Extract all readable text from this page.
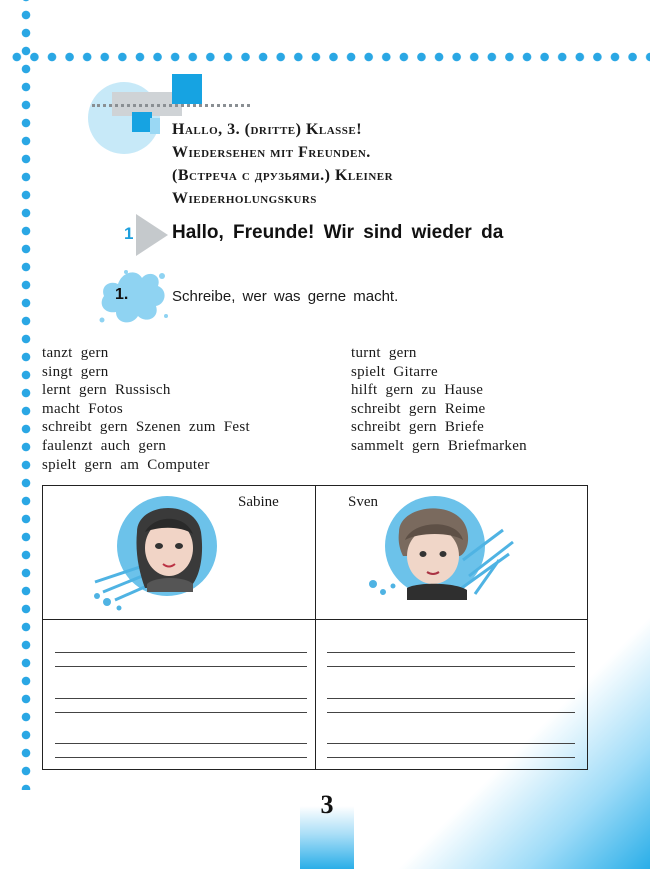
Hallo, 3. (dritte) Klasse!
Wiedersehen mit Freunden.
(Встреча с друзьями.) Kleiner
Wiederholungskurs
1 Hallo, Freunde! Wir sind wieder da
1.	Schreibe, wer was gerne macht.
tanzt gern
singt gern
lernt gern Russisch
macht Fotos
schreibt gern Szenen zum Fest
faulenzt auch gern
spielt gern am Computer
turnt gern
spielt Gitarre
hilft gern zu Hause
schreibt gern Reime
schreibt gern Briefe
sammelt gern Briefmarken
Sabine	Sven
3
